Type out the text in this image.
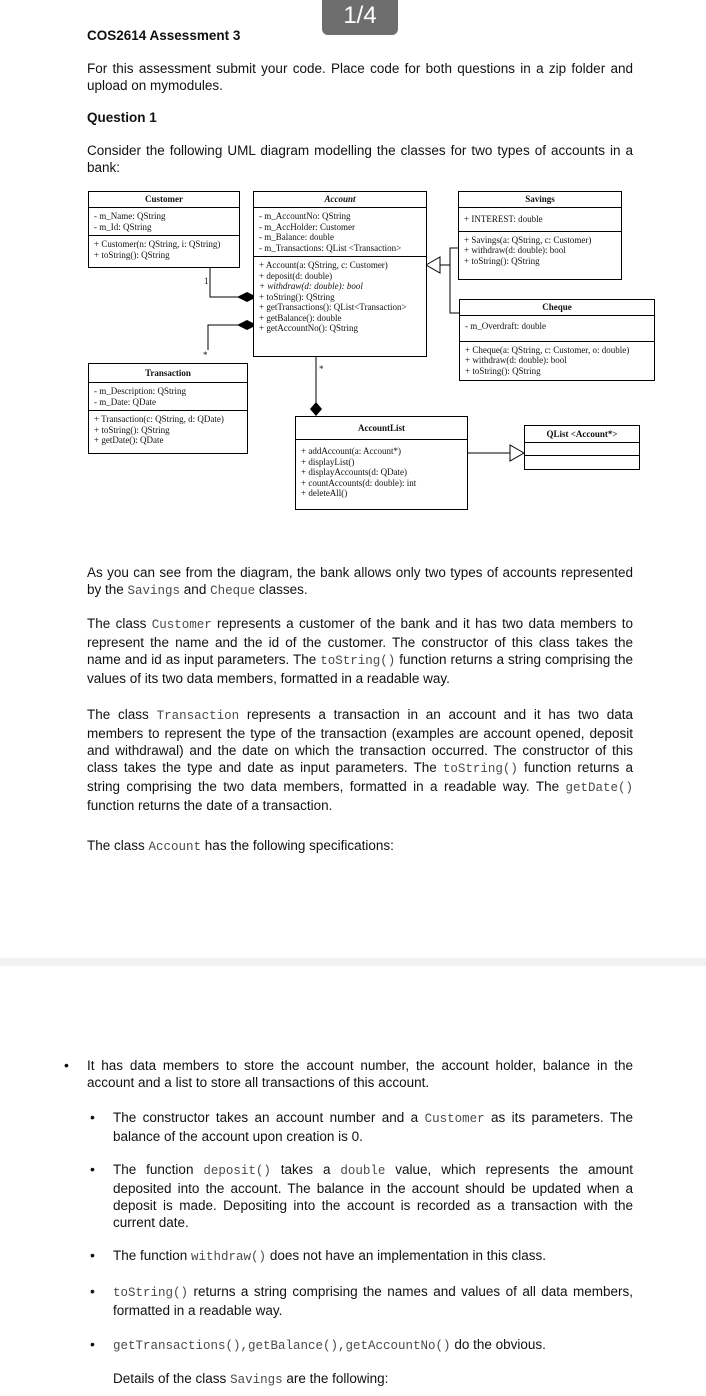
COS2614 Assessment 3

For this assessment submit your code. Place code for both questions in a zip folder and upload on mymodules.

Question 1

Consider the following UML diagram modelling the classes for two types of accounts in a bank:

Customer
- m_Name: QString
- m_Id: QString
+ Customer(n: QString, i: QString)
+ toString(): QString
Account
- m_AccountNo: QString
- m_AccHolder: Customer
- m_Balance: double
- m_Transactions: QList <Transaction>
+ Account(a: QString, c: Customer)
+ deposit(d: double)
+ withdraw(d: double): bool
+ toString(): QString
+ getTransactions(): QList<Transaction>
+ getBalance(): double
+ getAccountNo(): QString
Savings
+ INTEREST: double
+ Savings(a: QString, c: Customer)
+ withdraw(d: double): bool
+ toString(): QString
Cheque
- m_Overdraft: double
+ Cheque(a: QString, c: Customer, o: double)
+ withdraw(d: double): bool
+ toString(): QString
Transaction
- m_Description: QString
- m_Date: QDate
+ Transaction(c: QString, d: QDate)
+ toString(): QString
+ getDate(): QDate
AccountList
+ addAccount(a: Account*)
+ displayList()
+ displayAccounts(d: QDate)
+ countAccounts(d: double): int
+ deleteAll()
QList <Account*>
1
*
*

As you can see from the diagram, the bank allows only two types of accounts represented by the Savings and Cheque classes.

The class Customer represents a customer of the bank and it has two data members to represent the name and the id of the customer. The constructor of this class takes the name and id as input parameters. The toString() function returns a string comprising the values of its two data members, formatted in a readable way.

The class Transaction represents a transaction in an account and it has two data members to represent the type of the transaction (examples are account opened, deposit and withdrawal) and the date on which the transaction occurred. The constructor of this class takes the type and date as input parameters. The toString() function returns a string comprising the two data members, formatted in a readable way. The getDate() function returns the date of a transaction.

The class Account has the following specifications:

• It has data members to store the account number, the account holder, balance in the account and a list to store all transactions of this account.

• The constructor takes an account number and a Customer as its parameters. The balance of the account upon creation is 0.

• The function deposit() takes a double value, which represents the amount deposited into the account. The balance in the account should be updated when a deposit is made. Depositing into the account is recorded as a transaction with the current date.

• The function withdraw() does not have an implementation in this class.

• toString() returns a string comprising the names and values of all data members, formatted in a readable way.

• getTransactions(),getBalance(),getAccountNo() do the obvious.

Details of the class Savings are the following:

1/4
